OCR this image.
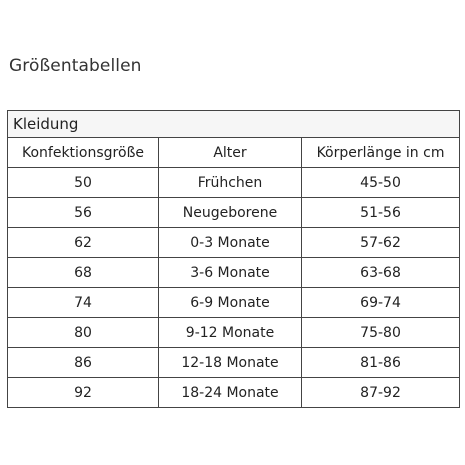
Größentabellen
Kleidung		
Konfektionsgröße	Alter	Körperlänge in cm
50	Frühchen	45-50
56	Neugeborene	51-56
62	0-3 Monate	57-62
68	3-6 Monate	63-68
74	6-9 Monate	69-74
80	9-12 Monate	75-80
86	12-18 Monate	81-86
92	18-24 Monate	87-92
